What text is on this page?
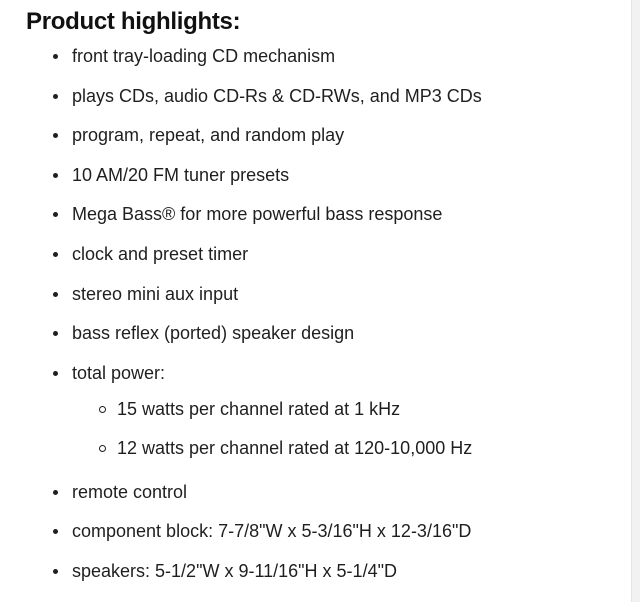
Product highlights:
front tray-loading CD mechanism
plays CDs, audio CD-Rs & CD-RWs, and MP3 CDs
program, repeat, and random play
10 AM/20 FM tuner presets
Mega Bass® for more powerful bass response
clock and preset timer
stereo mini aux input
bass reflex (ported) speaker design
total power:
15 watts per channel rated at 1 kHz
12 watts per channel rated at 120-10,000 Hz
remote control
component block: 7-7/8"W x 5-3/16"H x 12-3/16"D
speakers: 5-1/2"W x 9-11/16"H x 5-1/4"D
